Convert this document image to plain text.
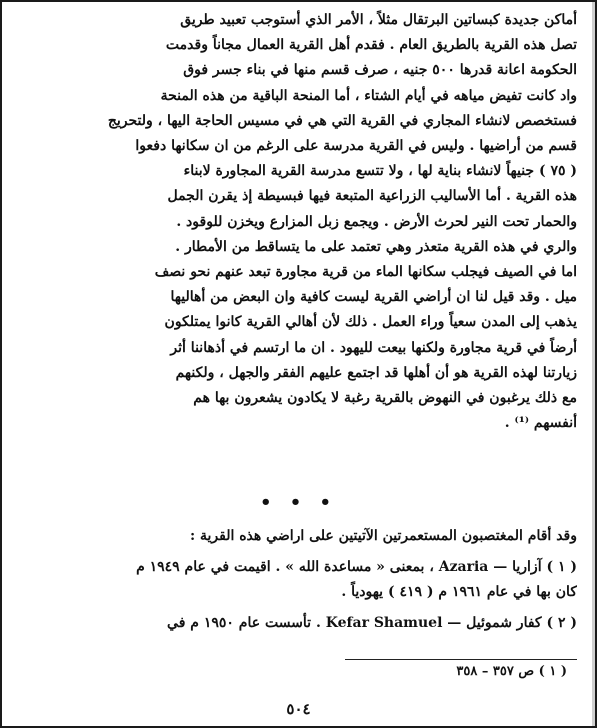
أماكن جديدة كبساتين البرتقال مثلاً ، الأمر الذي أستوجب تعبيد طريق
تصل هذه القرية بالطريق العام . فقدم أهل القرية العمال مجاناً وقدمت
الحكومة اعانة قدرها ٥٠٠ جنيه ، صرف قسم منها في بناء جسر فوق
واد كانت تفيض مياهه في أيام الشتاء ، أما المنحة الباقية من هذه المنحة
فستخصص لانشاء المجاري في القرية التي هي في مسيس الحاجة اليها ، ولتحريج
قسم من أراضيها . وليس في القرية مدرسة على الرغم من ان سكانها دفعوا
( ٧٥ ) جنيهاً لانشاء بناية لها ، ولا تتسع مدرسة القرية المجاورة لابناء
هذه القرية . أما الأساليب الزراعية المتبعة فيها فبسيطة إذ يقرن الجمل
والحمار تحت النير لحرث الأرض . ويجمع زبل المزارع ويخزن للوقود .
والري في هذه القرية متعذر وهي تعتمد على ما يتساقط من الأمطار .
اما في الصيف فيجلب سكانها الماء من قرية مجاورة تبعد عنهم نحو نصف
ميل . وقد قيل لنا ان أراضي القرية ليست كافية وان البعض من أهاليها
يذهب إلى المدن سعياً وراء العمل . ذلك لأن أهالي القرية كانوا يمتلكون
أرضاً في قرية مجاورة ولكنها بيعت لليهود . ان ما ارتسم في أذهاننا أثر
زيارتنا لهذه القرية هو أن أهلها قد اجتمع عليهم الفقر والجهل ، ولكنهم
مع ذلك يرغبون في النهوض بالقرية رغبة لا يكادون يشعرون بها هم
أنفسهم ⁽¹⁾ .
• • •
وقد أقام المغتصبون المستعمرتين الآتيتين على اراضي هذه القرية :
( ١ ) آزاريا — Azaria ، بمعنى « مساعدة الله » . اقيمت في عام ١٩٤٩ م
كان بها في عام ١٩٦١ م ( ٤١٩ ) يهودياً .
( ٢ ) كفار شموئيل — Kefar Shamuel . تأسست عام ١٩٥٠ م في
( ١ ) ص ٣٥٧ – ٣٥٨
٥٠٤
